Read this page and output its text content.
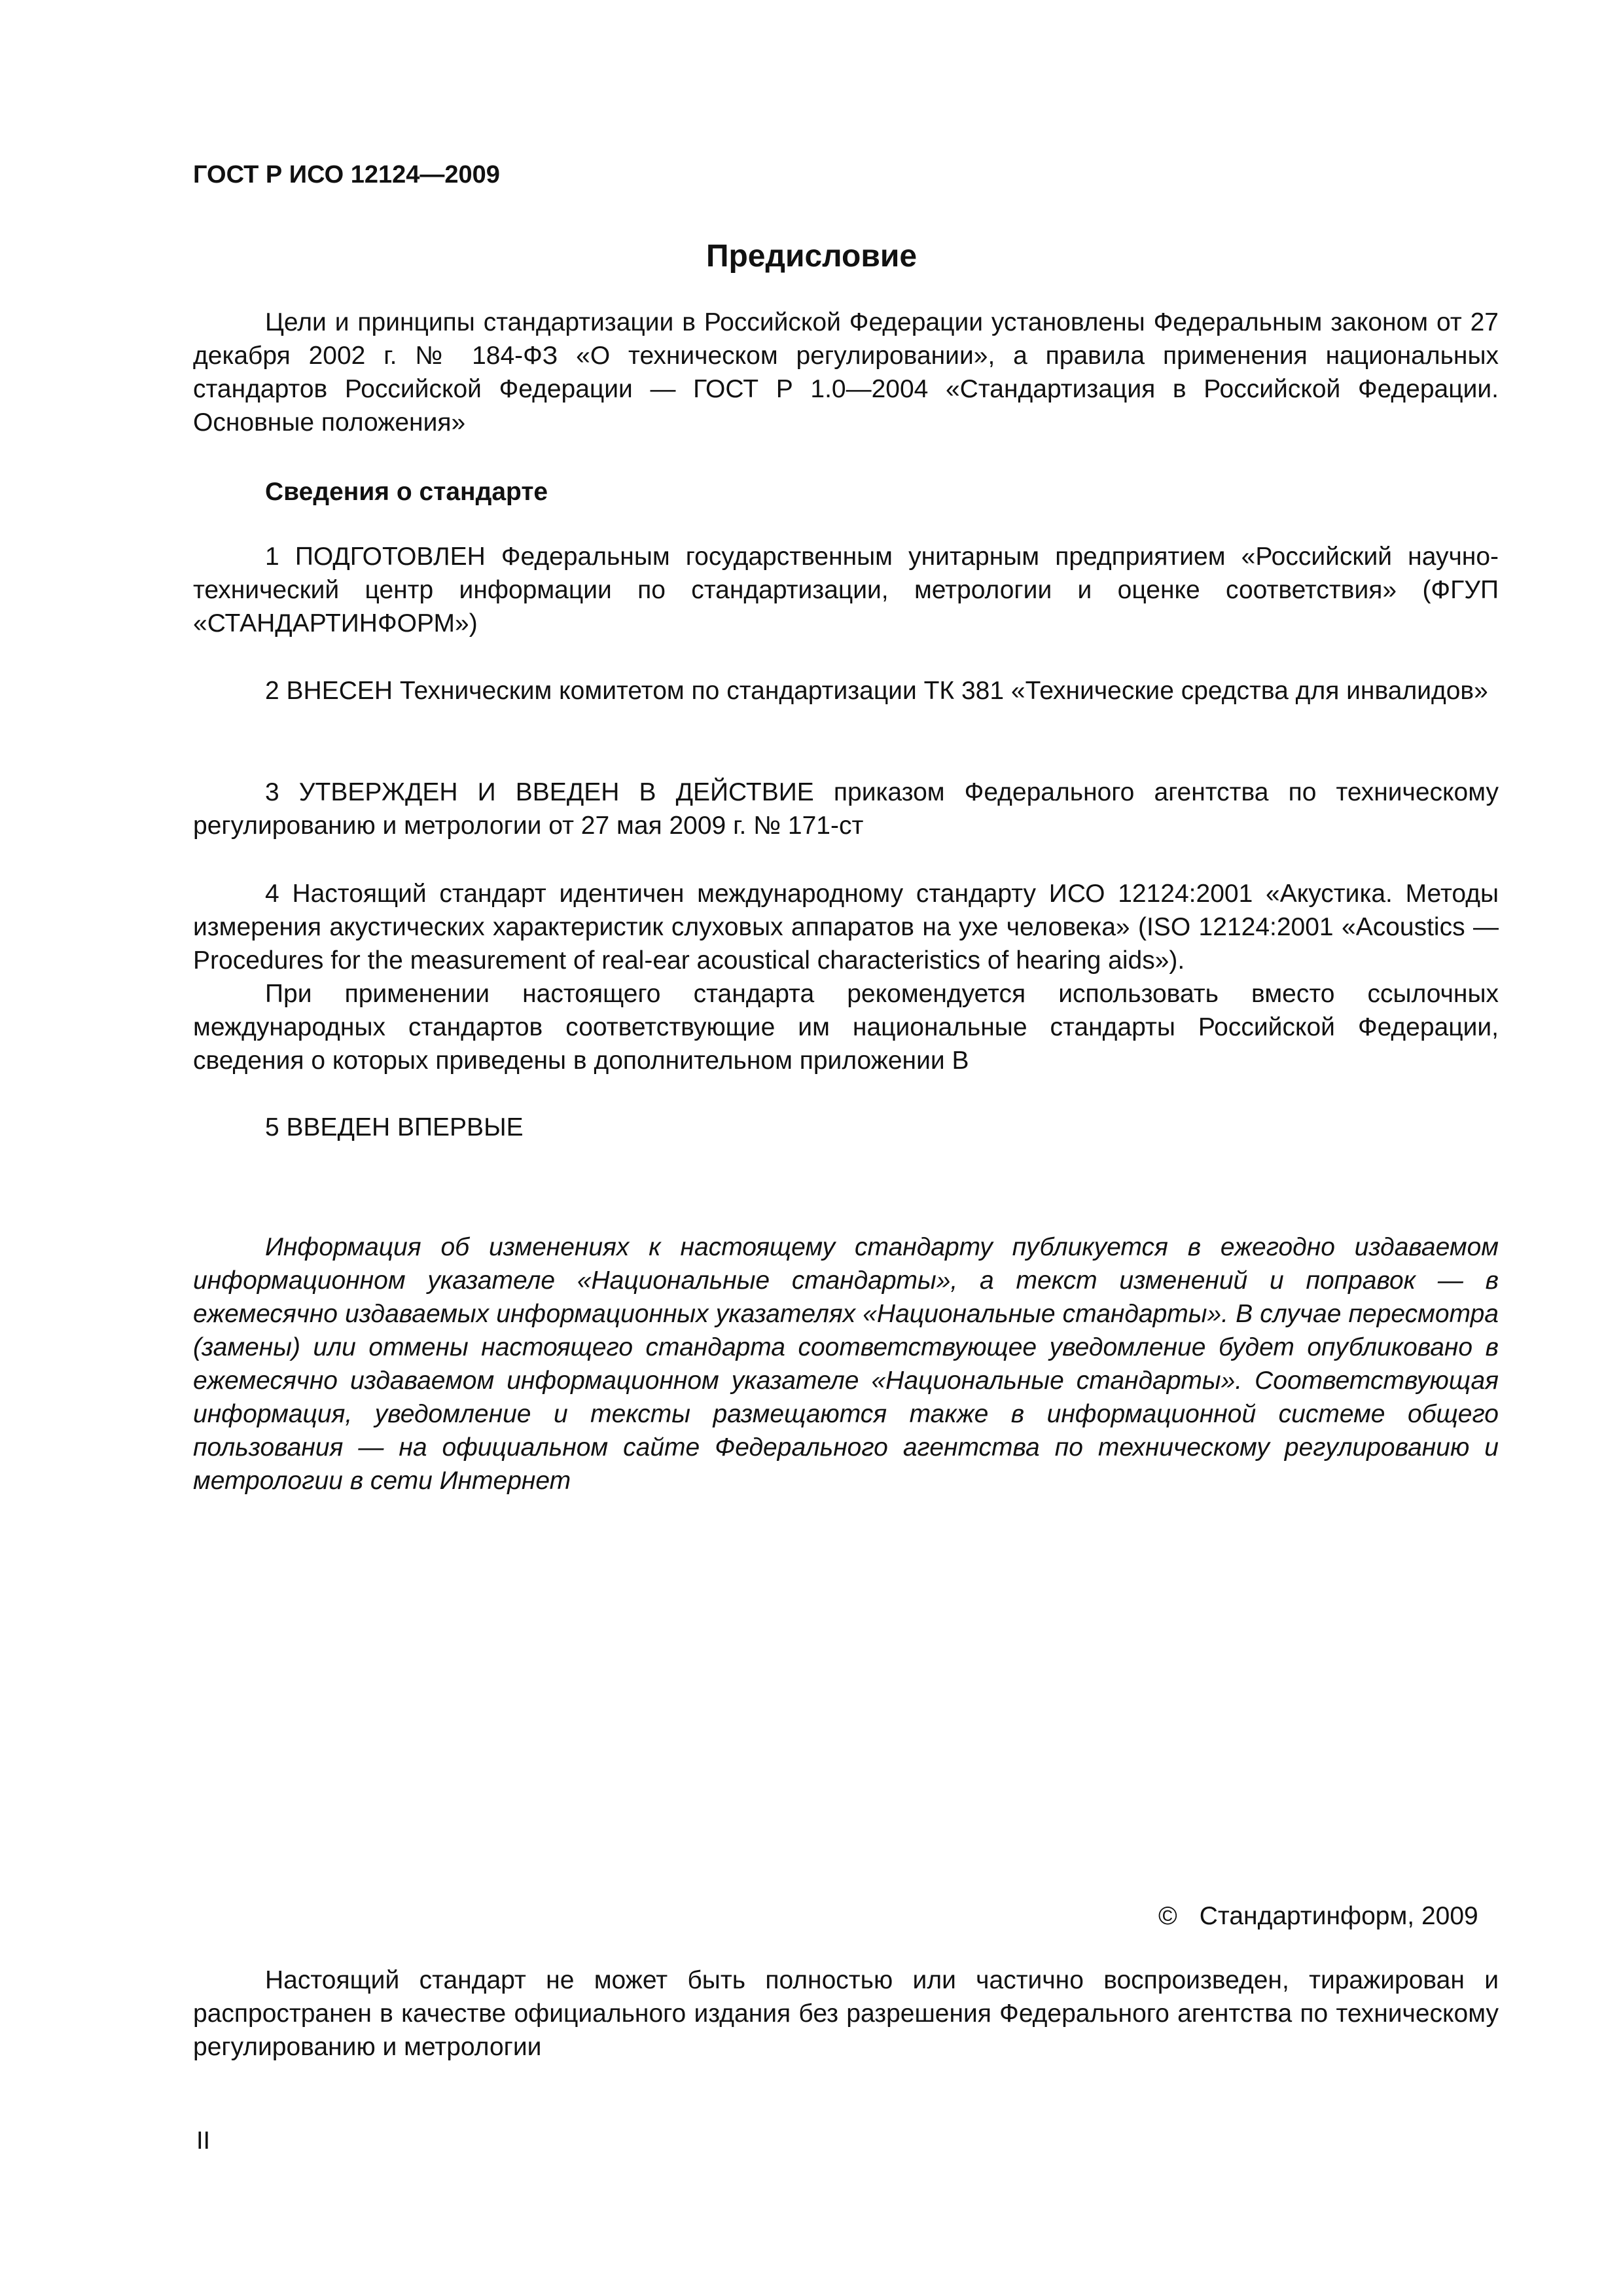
ГОСТ Р ИСО 12124—2009
Предисловие

Цели и принципы стандартизации в Российской Федерации установлены Федеральным законом от 27 декабря 2002 г. № 184-ФЗ «О техническом регулировании», а правила применения национальных стандартов Российской Федерации — ГОСТ Р 1.0—2004 «Стандартизация в Российской Федерации. Основные положения»

Сведения о стандарте

1 ПОДГОТОВЛЕН Федеральным государственным унитарным предприятием «Российский научно-технический центр информации по стандартизации, метрологии и оценке соответствия» (ФГУП «СТАНДАРТИНФОРМ»)

2 ВНЕСЕН Техническим комитетом по стандартизации ТК 381 «Технические средства для инвалидов»

3 УТВЕРЖДЕН И ВВЕДЕН В ДЕЙСТВИЕ приказом Федерального агентства по техническому регулированию и метрологии от 27 мая 2009 г. № 171-ст

4 Настоящий стандарт идентичен международному стандарту ИСО 12124:2001 «Акустика. Методы измерения акустических характеристик слуховых аппаратов на ухе человека» (ISO 12124:2001 «Acoustics — Procedures for the measurement of real-ear acoustical characteristics of hearing aids»).

При применении настоящего стандарта рекомендуется использовать вместо ссылочных международных стандартов соответствующие им национальные стандарты Российской Федерации, сведения о которых приведены в дополнительном приложении B

5 ВВЕДЕН ВПЕРВЫЕ

Информация об изменениях к настоящему стандарту публикуется в ежегодно издаваемом информационном указателе «Национальные стандарты», а текст изменений и поправок — в ежемесячно издаваемых информационных указателях «Национальные стандарты». В случае пересмотра (замены) или отмены настоящего стандарта соответствующее уведомление будет опубликовано в ежемесячно издаваемом информационном указателе «Национальные стандарты». Соответствующая информация, уведомление и тексты размещаются также в информационной системе общего пользования — на официальном сайте Федерального агентства по техническому регулированию и метрологии в сети Интернет

© Стандартинформ, 2009

Настоящий стандарт не может быть полностью или частично воспроизведен, тиражирован и распространен в качестве официального издания без разрешения Федерального агентства по техническому регулированию и метрологии

II
